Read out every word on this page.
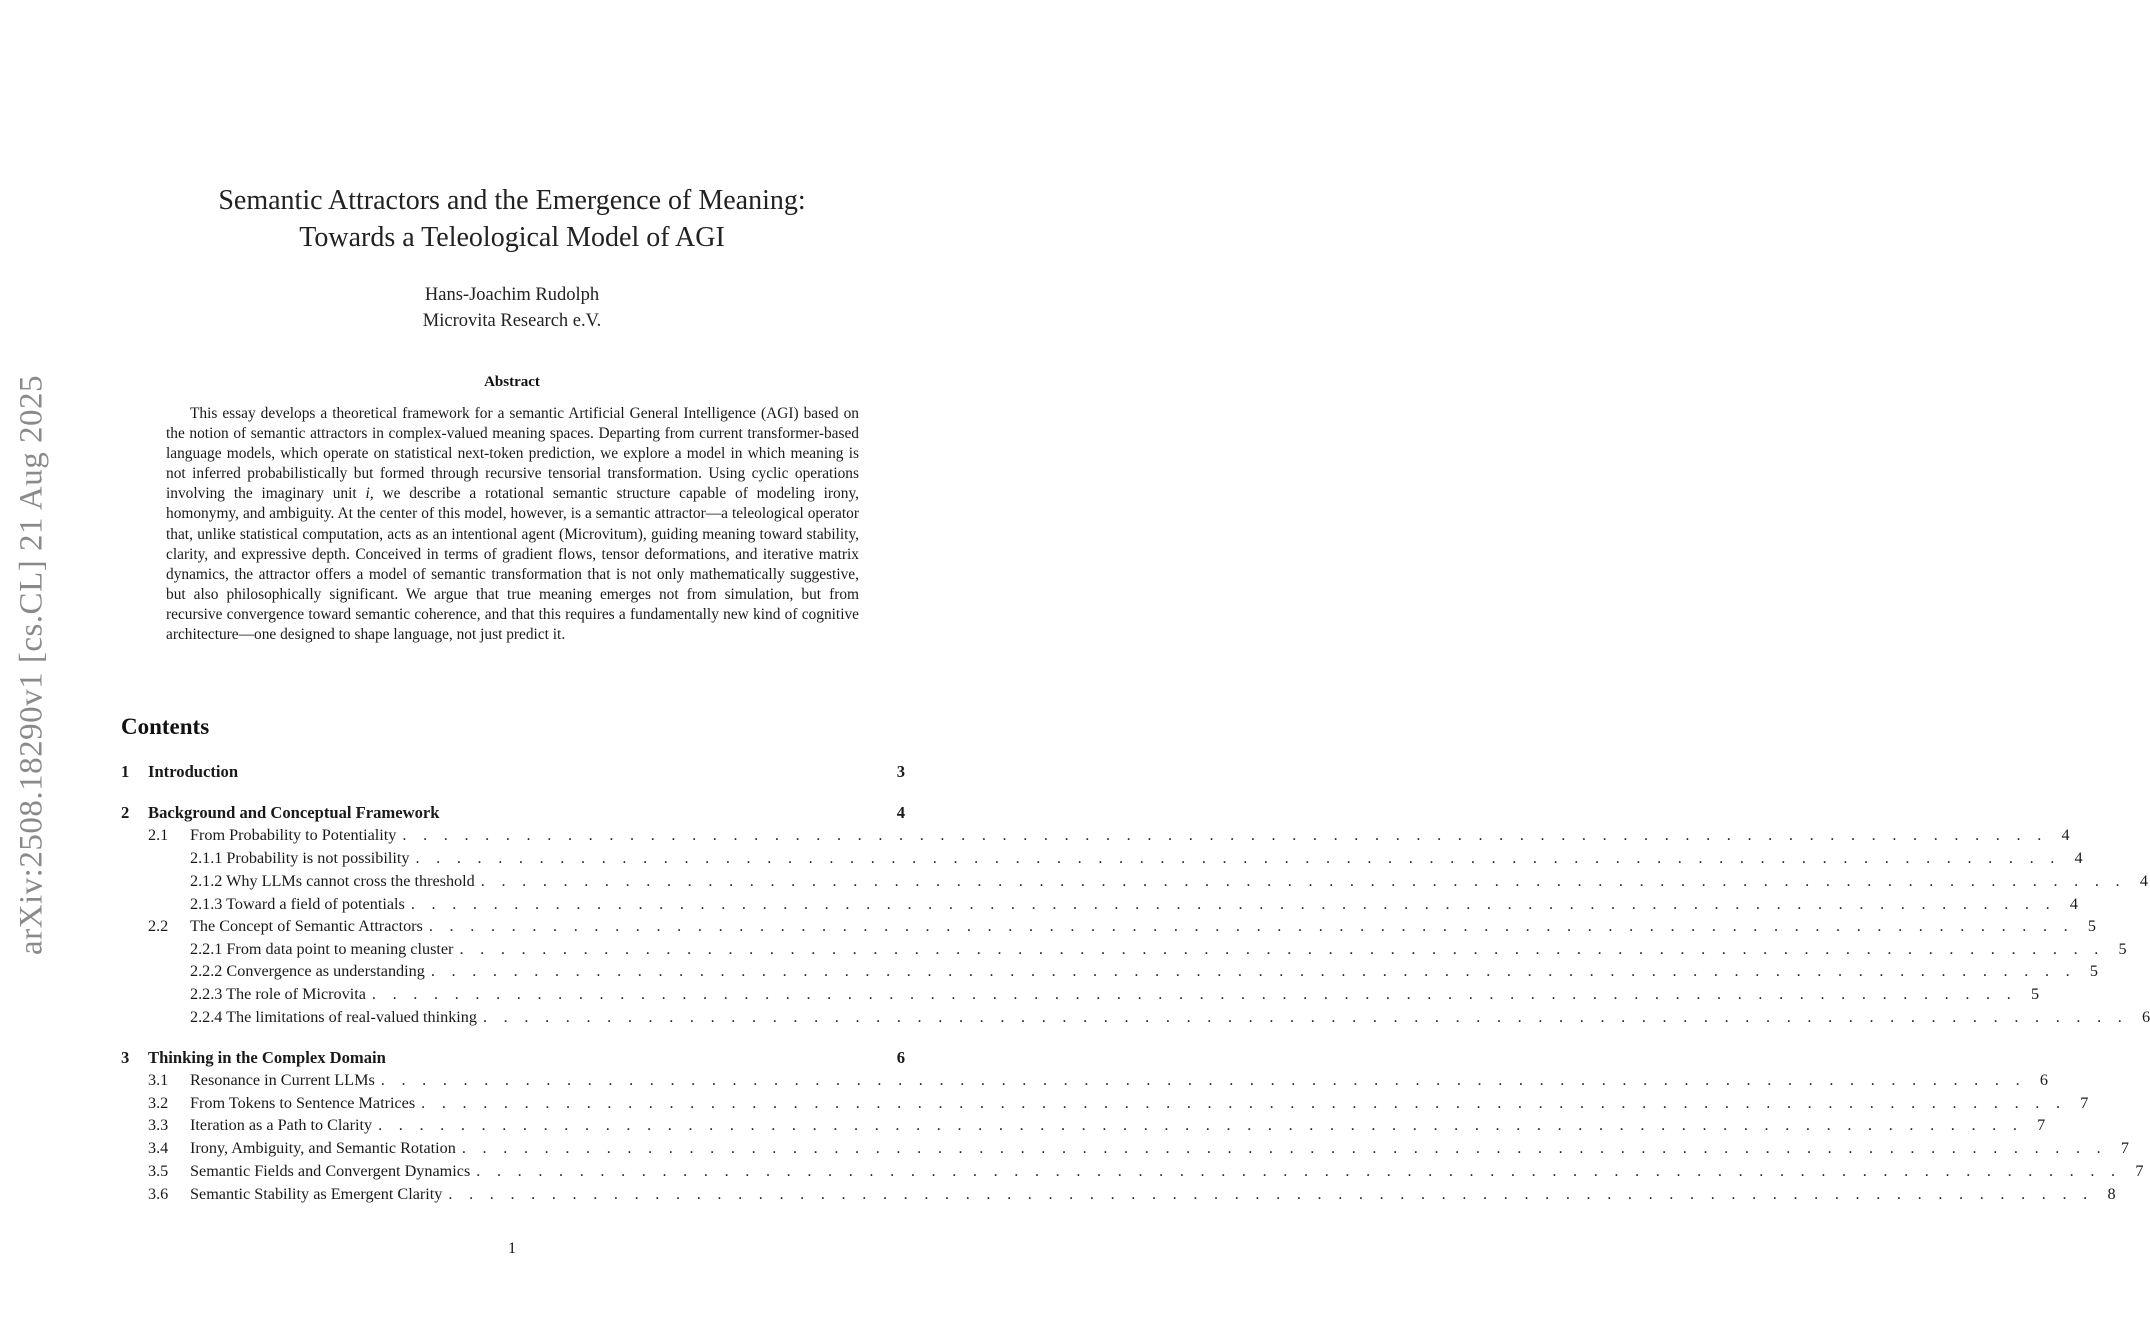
arXiv:2508.18290v1 [cs.CL] 21 Aug 2025
Semantic Attractors and the Emergence of Meaning:
Towards a Teleological Model of AGI
Hans-Joachim Rudolph
Microvita Research e.V.
Abstract
This essay develops a theoretical framework for a semantic Artificial General Intelligence (AGI) based on the notion of semantic attractors in complex-valued meaning spaces. Departing from current transformer-based language models, which operate on statistical next-token prediction, we explore a model in which meaning is not inferred probabilistically but formed through recursive tensorial transformation. Using cyclic operations involving the imaginary unit i, we describe a rotational semantic structure capable of modeling irony, homonymy, and ambiguity. At the center of this model, however, is a semantic attractor—a teleological operator that, unlike statistical computation, acts as an intentional agent (Microvitum), guiding meaning toward stability, clarity, and expressive depth. Conceived in terms of gradient flows, tensor deformations, and iterative matrix dynamics, the attractor offers a model of semantic transformation that is not only mathematically suggestive, but also philosophically significant. We argue that true meaning emerges not from simulation, but from recursive convergence toward semantic coherence, and that this requires a fundamentally new kind of cognitive architecture—one designed to shape language, not just predict it.
Contents
1	Introduction	3
2	Background and Conceptual Framework	4
2.1	From Probability to Potentiality . . . . . . . . . . . . . . . . . . . . . . . . . . . . . . . . . . . . . . . . . . . . . . . . . . . . . . . . . . . . . . . . . . . . . . . . . . . . . . . . 4
2.1.1 Probability is not possibility . . . . . . . . . . . . . . . . . . . . . . . . . . . . . . . . . . . . . . . . . . . . . . . . . . . . . . . . . . . . . . . . . . . . . . . . . . . . . . . . 4
2.1.2 Why LLMs cannot cross the threshold . . . . . . . . . . . . . . . . . . . . . . . . . . . . . . . . . . . . . . . . . . . . . . . . . . . . . . . . . . . . . . . . . . . . . . . . . . . . . . . . 4
2.1.3 Toward a field of potentials . . . . . . . . . . . . . . . . . . . . . . . . . . . . . . . . . . . . . . . . . . . . . . . . . . . . . . . . . . . . . . . . . . . . . . . . . . . . . . . . 4
2.2	The Concept of Semantic Attractors . . . . . . . . . . . . . . . . . . . . . . . . . . . . . . . . . . . . . . . . . . . . . . . . . . . . . . . . . . . . . . . . . . . . . . . . . . . . . . . . 5
2.2.1 From data point to meaning cluster . . . . . . . . . . . . . . . . . . . . . . . . . . . . . . . . . . . . . . . . . . . . . . . . . . . . . . . . . . . . . . . . . . . . . . . . . . . . . . . . 5
2.2.2 Convergence as understanding . . . . . . . . . . . . . . . . . . . . . . . . . . . . . . . . . . . . . . . . . . . . . . . . . . . . . . . . . . . . . . . . . . . . . . . . . . . . . . . . 5
2.2.3 The role of Microvita . . . . . . . . . . . . . . . . . . . . . . . . . . . . . . . . . . . . . . . . . . . . . . . . . . . . . . . . . . . . . . . . . . . . . . . . . . . . . . . . 5
2.2.4 The limitations of real-valued thinking . . . . . . . . . . . . . . . . . . . . . . . . . . . . . . . . . . . . . . . . . . . . . . . . . . . . . . . . . . . . . . . . . . . . . . . . . . . . . . . . 6
3	Thinking in the Complex Domain	6
3.1	Resonance in Current LLMs . . . . . . . . . . . . . . . . . . . . . . . . . . . . . . . . . . . . . . . . . . . . . . . . . . . . . . . . . . . . . . . . . . . . . . . . . . . . . . . . 6
3.2	From Tokens to Sentence Matrices . . . . . . . . . . . . . . . . . . . . . . . . . . . . . . . . . . . . . . . . . . . . . . . . . . . . . . . . . . . . . . . . . . . . . . . . . . . . . . . . 7
3.3	Iteration as a Path to Clarity . . . . . . . . . . . . . . . . . . . . . . . . . . . . . . . . . . . . . . . . . . . . . . . . . . . . . . . . . . . . . . . . . . . . . . . . . . . . . . . . 7
3.4	Irony, Ambiguity, and Semantic Rotation . . . . . . . . . . . . . . . . . . . . . . . . . . . . . . . . . . . . . . . . . . . . . . . . . . . . . . . . . . . . . . . . . . . . . . . . . . . . . . . . 7
3.5	Semantic Fields and Convergent Dynamics . . . . . . . . . . . . . . . . . . . . . . . . . . . . . . . . . . . . . . . . . . . . . . . . . . . . . . . . . . . . . . . . . . . . . . . . . . . . . . . . 7
3.6	Semantic Stability as Emergent Clarity . . . . . . . . . . . . . . . . . . . . . . . . . . . . . . . . . . . . . . . . . . . . . . . . . . . . . . . . . . . . . . . . . . . . . . . . . . . . . . . . 8
1
